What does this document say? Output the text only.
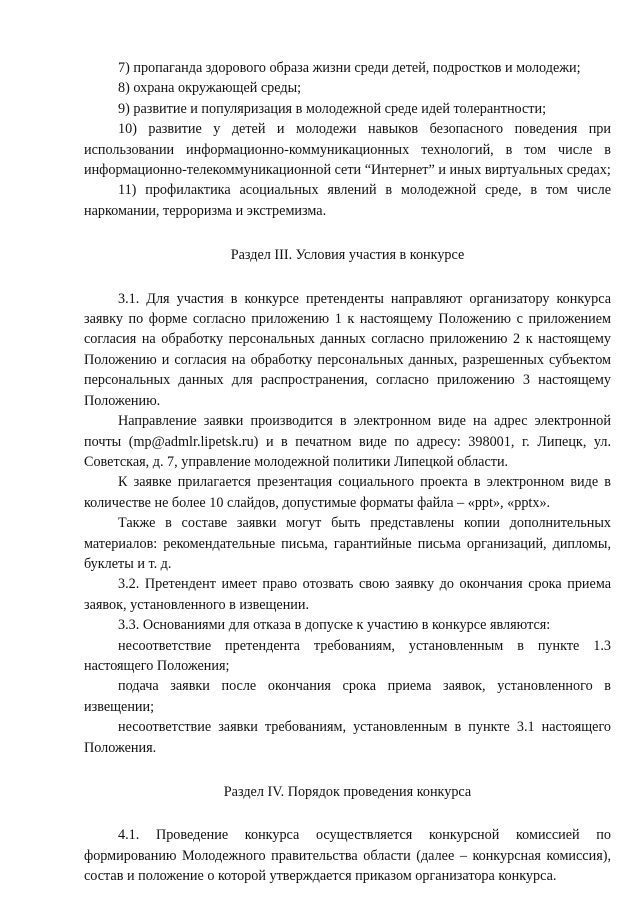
7) пропаганда здорового образа жизни среди детей, подростков и молодежи;

8) охрана окружающей среды;

9) развитие и популяризация в молодежной среде идей толерантности;

10) развитие у детей и молодежи навыков безопасного поведения при использовании информационно-коммуникационных технологий, в том числе в информационно-телекоммуникационной сети “Интернет” и иных виртуальных средах;

11) профилактика асоциальных явлений в молодежной среде, в том числе наркомании, терроризма и экстремизма.

Раздел III. Условия участия в конкурсе

3.1. Для участия в конкурсе претенденты направляют организатору конкурса заявку по форме согласно приложению 1 к настоящему Положению с приложением согласия на обработку персональных данных согласно приложению 2 к настоящему Положению и согласия на обработку персональных данных, разрешенных субъектом персональных данных для распространения, согласно приложению 3 настоящему Положению.

Направление заявки производится в электронном виде на адрес электронной почты (mp@admlr.lipetsk.ru) и в печатном виде по адресу: 398001, г. Липецк, ул. Советская, д. 7, управление молодежной политики Липецкой области.

К заявке прилагается презентация социального проекта в электронном виде в количестве не более 10 слайдов, допустимые форматы файла – «ppt», «pptx».

Также в составе заявки могут быть представлены копии дополнительных материалов: рекомендательные письма, гарантийные письма организаций, дипломы, буклеты и т. д.

3.2. Претендент имеет право отозвать свою заявку до окончания срока приема заявок, установленного в извещении.

3.3. Основаниями для отказа в допуске к участию в конкурсе являются:

несоответствие претендента требованиям, установленным в пункте 1.3 настоящего Положения;

подача заявки после окончания срока приема заявок, установленного в извещении;

несоответствие заявки требованиям, установленным в пункте 3.1 настоящего Положения.

Раздел IV. Порядок проведения конкурса

4.1. Проведение конкурса осуществляется конкурсной комиссией по формированию Молодежного правительства области (далее – конкурсная комиссия), состав и положение о которой утверждается приказом организатора конкурса.
